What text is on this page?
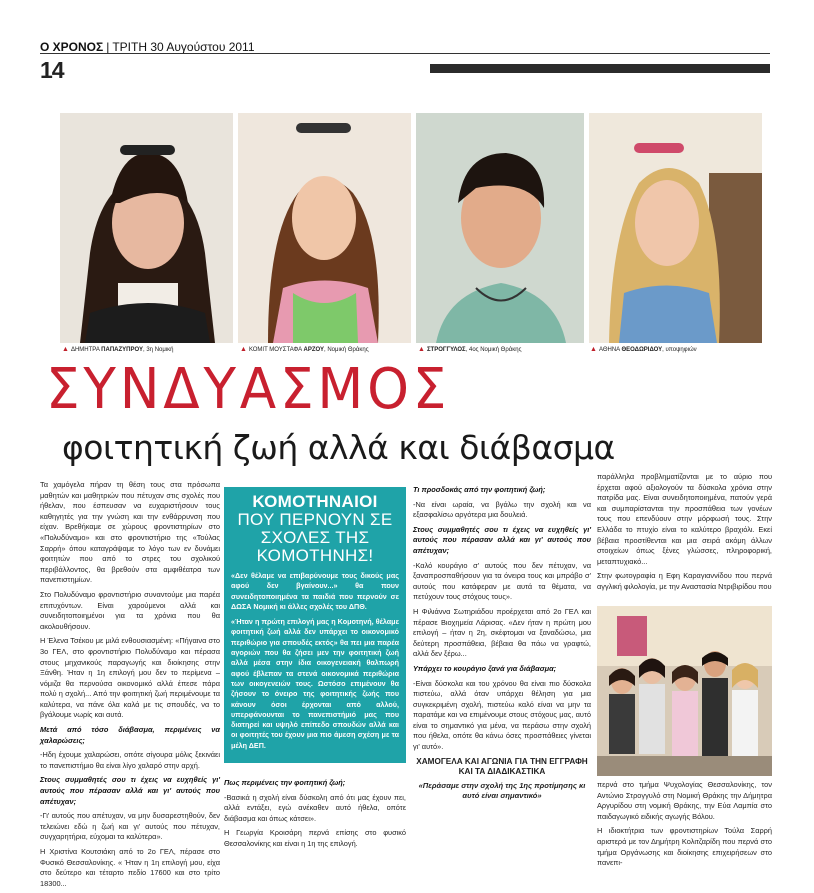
Ο ΧΡΟΝΟΣ | ΤΡΙΤΗ 30 Αυγούστου 2011
14
▲ ΔΗΜΗΤΡΑ ΠΑΠΑΖΥΠΡΟΥ, 3η Νομική	▲ ΚΟΜΙΤ ΜΟΥΣΤΑΦΑ ΑΡΖΟΥ, Νομική Θράκης	▲ ΣΤΡΟΓΓΥΛΟΣ, 4ος Νομική Θράκης	▲ ΑΘΗΝΑ ΘΕΟΔΩΡΙΔΟΥ, υποψηφιών
ΣΥΝΔΥΑΣΜΟΣ
φοιτητική ζωή αλλά και διάβασμα

Τα χαμόγελα πήραν τη θέση τους στα πρόσωπα μαθητών και μαθητριών που πέτυχαν στις σχολές που ήθελαν, που έσπευσαν να ευχαριστήσουν τους καθηγητές για την γνώση και την ενθάρρυνση που είχαν. Βρεθήκαμε σε χώρους φροντιστηρίων στο «Πολυδύναμο» και στο φροντιστήριο της «Τούλας Σαρρή» όπου καταγράψαμε το λόγο των εν δυνάμει φοιτητών που από το στρες του σχολικού περιβάλλοντος, θα βρεθούν στα αμφιθέατρα των πανεπιστημίων.

Στο Πολυδύναμο φροντιστήριο συναντούμε μια παρέα επιτυχόντων. Είναι χαρούμενοι αλλά και συνειδητοποιημένοι για τα χρόνια που θα ακολουθήσουν.

Η Έλενα Τσέκου με μιλά ενθουσιασμένη: «Πήγαινα στο 3ο ΓΕΛ, στο φροντιστήριο Πολυδύναμο και πέρασα στους μηχανικούς παραγωγής και διοίκησης στην Ξάνθη. Ήταν η 1η επιλογή μου δεν το περίμενα – νόμιζα θα περνούσα οικονομικό αλλά έπεσε πάρα πολύ η σχολή... Από την φοιτητική ζωή περιμένουμε τα καλύτερα, να πάνε όλα καλά με τις σπουδές, να το βγάλουμε νωρίς και αυτά.

Μετά από τόσο διάβασμα, περιμένεις να χαλαρώσεις;

-Ηδη έχουμε χαλαρώσει, οπότε σίγουρα μόλις ξεκινάει το πανεπιστήμιο θα είναι λίγο χαλαρό στην αρχή.

Στους συμμαθητές σου τι έχεις να ευχηθείς γι' αυτούς που πέρασαν αλλά και γι' αυτούς που απέτυχαν;

-Γι' αυτούς που απέτυχαν, να μην δυσαρεστηθούν, δεν τελειώνει εδώ η ζωή και γι' αυτούς που πέτυχαν, συγχαρητήρια, εύχομαι τα καλύτερα».

Η Χριστίνα Κουτσιάκη από το 2ο ΓΕΛ, πέρασε στο Φυσικό Θεσσαλονίκης. « Ήταν η 1η επιλογή μου, είχα στο δεύτερο και τέταρτο πεδίο 17600 και στο τρίτο 18300...

ΚΟΜΟΤΗΝΑΙΟΙ
ΠΟΥ ΠΕΡΝΟΥΝ ΣΕ ΣΧΟΛΕΣ ΤΗΣ ΚΟΜΟΤΗΝΗΣ!

«Δεν θέλαμε να επιβαρύνουμε τους δικούς μας αφού δεν βγαίνουν...» θα πουν συνειδητοποιημένα τα παιδιά που περνούν σε ΔΩΣΑ Νομική κι άλλες σχολές του ΔΠΘ.

«Ήταν η πρώτη επιλογή μας η Κομοτηνή, θέλαμε φοιτητική ζωή αλλά δεν υπάρχει το οικονομικό περιθώριο για σπουδές εκτός» θα πει μια παρέα αγοριών που θα ζήσει μεν την φοιτητική ζωή αλλά μέσα στην ίδια οικογενειακή θαλπωρή αφού έβλεπαν τα στενά οικονομικά περιθώρια των οικογενειών τους. Ωστόσο επιμένουν θα ζήσουν το όνειρο της φοιτητικής ζωής που κάνουν όσοι έρχονται από αλλού, υπερφάνουνται το πανεπιστήμιό μας που διατηρεί και υψηλό επίπεδο σπουδών αλλά και οι φοιτητές του έχουν μια πιο άμεση σχέση με τα μέλη ΔΕΠ.

Πως περιμένεις την φοιτητική ζωή;

-Βασικά η σχολή είναι δύσκολη από ότι μας έχουν πει, αλλά εντάξει, εγώ ανέκαθεν αυτό ήθελα, οπότε διάβασμα και όπως κάτσει».

Η Γεωργία Κροισάρη περνά επίσης στο φυσικό Θεσσαλονίκης και είναι η 1η της επιλογή.

Τι προσδοκάς από την φοιτητική ζωή;

-Να είναι ωραία, να βγάλω την σχολή και να εξασφαλίσω αργότερα μια δουλειά.

Στους συμμαθητές σου τι έχεις να ευχηθείς γι' αυτούς που πέρασαν αλλά και γι' αυτούς που απέτυχαν;

-Καλό κουράγιο σ' αυτούς που δεν πέτυχαν, να ξαναπροσπαθήσουν για τα όνειρα τους και μπράβο σ' αυτούς που κατάφεραν με αυτά τα θέματα, να πετύχουν τους στόχους τους».

Η Φιλιάννα Σωτηριάδου προέρχεται από 2ο ΓΕΛ και πέρασε Βιοχημεία Λάρισας. «Δεν ήταν η πρώτη μου επιλογή – ήταν η 2η, σκέφτομαι να ξαναδώσω, μια δεύτερη προσπάθεια, βέβαια θα πάω να γραφτώ, αλλά δεν ξέρω...

Υπάρχει το κουράγιο ξανά για διάβασμα;

-Είναι δύσκολα και του χρόνου θα είναι πιο δύσκολα πιστεύω, αλλά όταν υπάρχει θέληση για μια συγκεκριμένη σχολή, πιστεύω καλό είναι να μην τα παρατάμε και να επιμένουμε στους στόχους μας, αυτό είναι το σημαντικό για μένα, να περάσω στην σχολή που ήθελα, οπότε θα κάνω όσες προσπάθειες γίνεται γι' αυτό».

ΧΑΜΟΓΕΛΑ ΚΑΙ ΑΓΩΝΙΑ ΓΙΑ ΤΗΝ ΕΓΓΡΑΦΗ ΚΑΙ ΤΑ ΔΙΑΔΙΚΑΣΤΙΚΑ

«Περάσαμε στην σχολή της 1ης προτίμησης κι αυτό είναι σημαντικό»

παράλληλα προβληματίζονται με το αύριο που έρχεται αφού αξιολογούν τα δύσκολα χρόνια στην πατρίδα μας. Είναι συνειδητοποιημένα, πατούν γερά και συμπαρίστανται την προσπάθεια των γονέων τους που επενδύουν στην μόρφωσή τους. Στην Ελλάδα το πτυχίο είναι το καλύτερο βραχιόλι. Εκεί βέβαια προστίθενται και μια σειρά ακόμη άλλων στοιχείων όπως ξένες γλώσσες, πληροφορική, μεταπτυχιακό...

Στην φωτογραφία η Εφη Καραγιαννίδου που περνά αγγλική φιλολογία, με την Αναστασία Ντριβιρίδου που

περνά στο τμήμα Ψυχολογίας Θεσσαλονίκης, τον Αντώνιο Στρογγυλό στη Νομική Θράκης την Δήμητρα Αργυρίδου στη νομική Θράκης, την Εύα Λαμπία στο παιδαγωγικό ειδικής αγωγής Βόλου.

Η ιδιοκτήτρια των φροντιστηρίων Τούλα Σαρρή αριστερά με τον Δημήτρη Κολιτζαρίδη που περνά στο τμήμα Οργάνωσης και διοίκησης επιχειρήσεων στο πανεπι-
